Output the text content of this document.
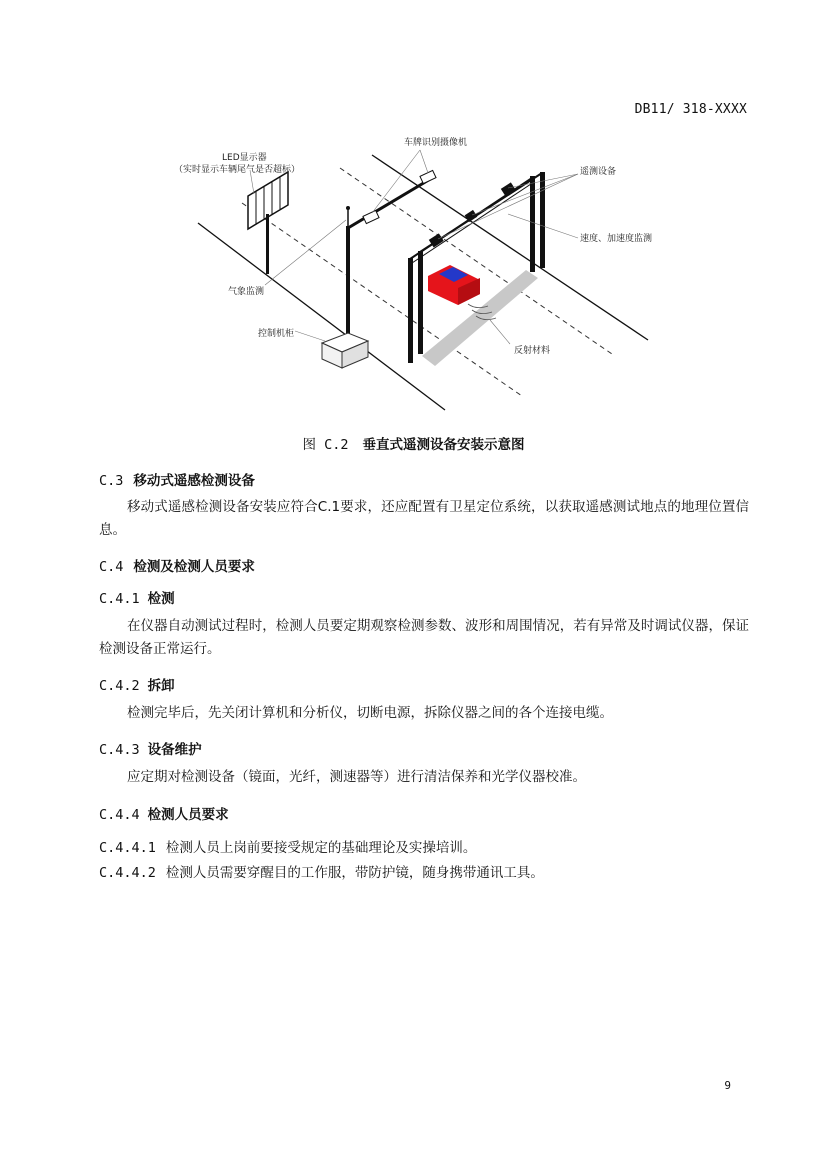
DB11/ 318-XXXX
LED显示器
（实时显示车辆尾气是否超标）
车牌识别摄像机
遥测设备
速度、加速度监测
气象监测
控制机柜
反射材料
图 C.2 垂直式遥测设备安装示意图
C.3 移动式遥感检测设备
移动式遥感检测设备安装应符合C.1要求，还应配置有卫星定位系统，以获取遥感测试地点的地理位置信息。
C.4 检测及检测人员要求
C.4.1 检测
在仪器自动测试过程时，检测人员要定期观察检测参数、波形和周围情况，若有异常及时调试仪器，保证检测设备正常运行。
C.4.2 拆卸
检测完毕后，先关闭计算机和分析仪，切断电源，拆除仪器之间的各个连接电缆。
C.4.3 设备维护
应定期对检测设备（镜面，光纤，测速器等）进行清洁保养和光学仪器校准。
C.4.4 检测人员要求
C.4.4.1 检测人员上岗前要接受规定的基础理论及实操培训。
C.4.4.2 检测人员需要穿醒目的工作服，带防护镜，随身携带通讯工具。
9
